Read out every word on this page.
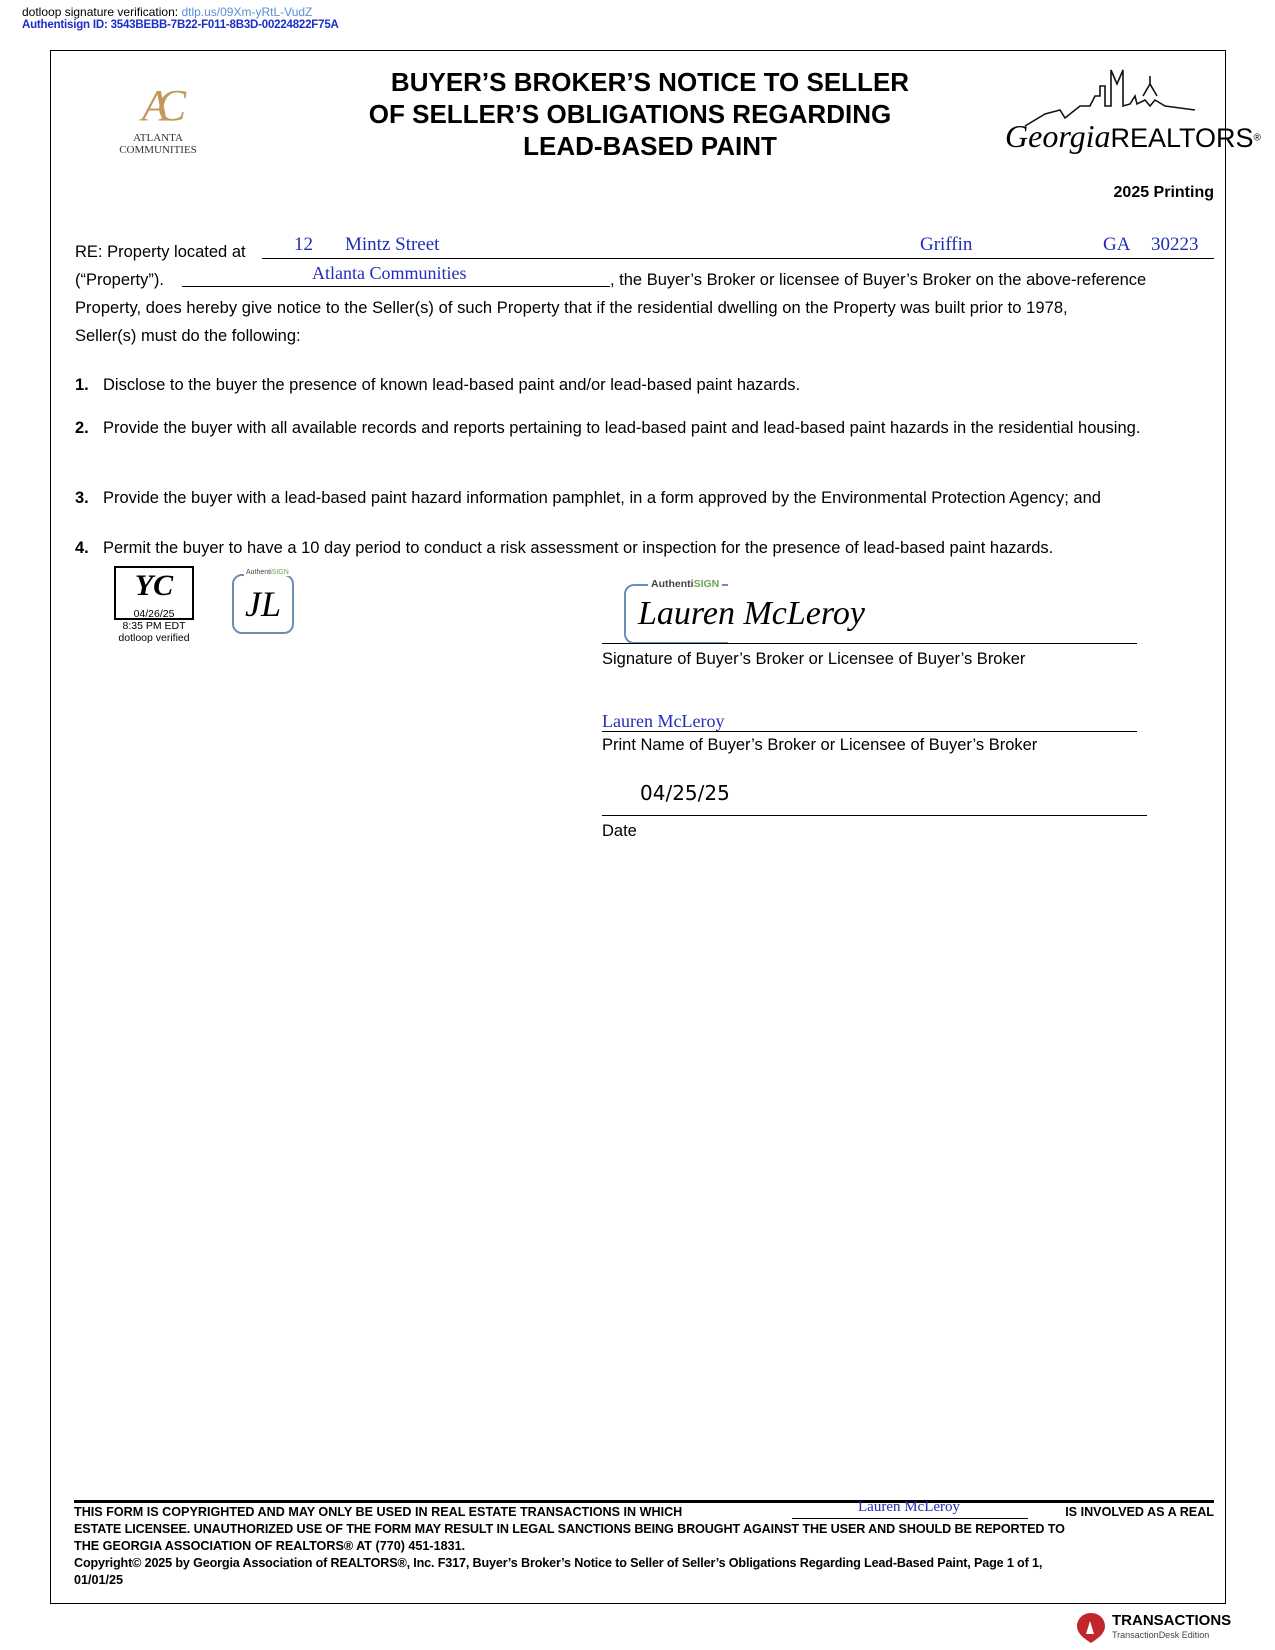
dotloop signature verification: dtlp.us/09Xm-yRtL-VudZ
Authentisign ID: 3543BEBB-7B22-F011-8B3D-00224822F75A
AC
ATLANTA
COMMUNITIES
BUYER’S BROKER’S NOTICE TO SELLER
OF SELLER’S OBLIGATIONS REGARDING
LEAD-BASED PAINT	GeorgiaREALTORS®
2025 Printing
RE: Property located at	12 Mintz Street	Griffin	GA 30223
(“Property”).	Atlanta Communities	, the Buyer’s Broker or licensee of Buyer’s Broker on the above-reference
Property, does hereby give notice to the Seller(s) of such Property that if the residential dwelling on the Property was built prior to 1978,
Seller(s) must do the following:
1. Disclose to the buyer the presence of known lead-based paint and/or lead-based paint hazards.
2. Provide the buyer with all available records and reports pertaining to lead-based paint and lead-based paint hazards in the residential housing.
3. Provide the buyer with a lead-based paint hazard information pamphlet, in a form approved by the Environmental Protection Agency; and
4. Permit the buyer to have a 10 day period to conduct a risk assessment or inspection for the presence of lead-based paint hazards.
YC
04/26/25
8:35 PM EDT
dotloop verified
AuthentiSIGN
JL	AuthentiSIGN
Lauren McLeroy
Signature of Buyer’s Broker or Licensee of Buyer’s Broker
Lauren McLeroy
Print Name of Buyer’s Broker or Licensee of Buyer’s Broker
04/25/25
Date
THIS FORM IS COPYRIGHTED AND MAY ONLY BE USED IN REAL ESTATE TRANSACTIONS IN WHICH	Lauren McLeroy	IS INVOLVED AS A REAL
ESTATE LICENSEE. UNAUTHORIZED USE OF THE FORM MAY RESULT IN LEGAL SANCTIONS BEING BROUGHT AGAINST THE USER AND SHOULD BE REPORTED TO
THE GEORGIA ASSOCIATION OF REALTORS® AT (770) 451-1831.
Copyright© 2025 by Georgia Association of REALTORS®, Inc. F317, Buyer’s Broker’s Notice to Seller of Seller’s Obligations Regarding Lead-Based Paint, Page 1 of 1,
01/01/25
TRANSACTIONS
TransactionDesk Edition
